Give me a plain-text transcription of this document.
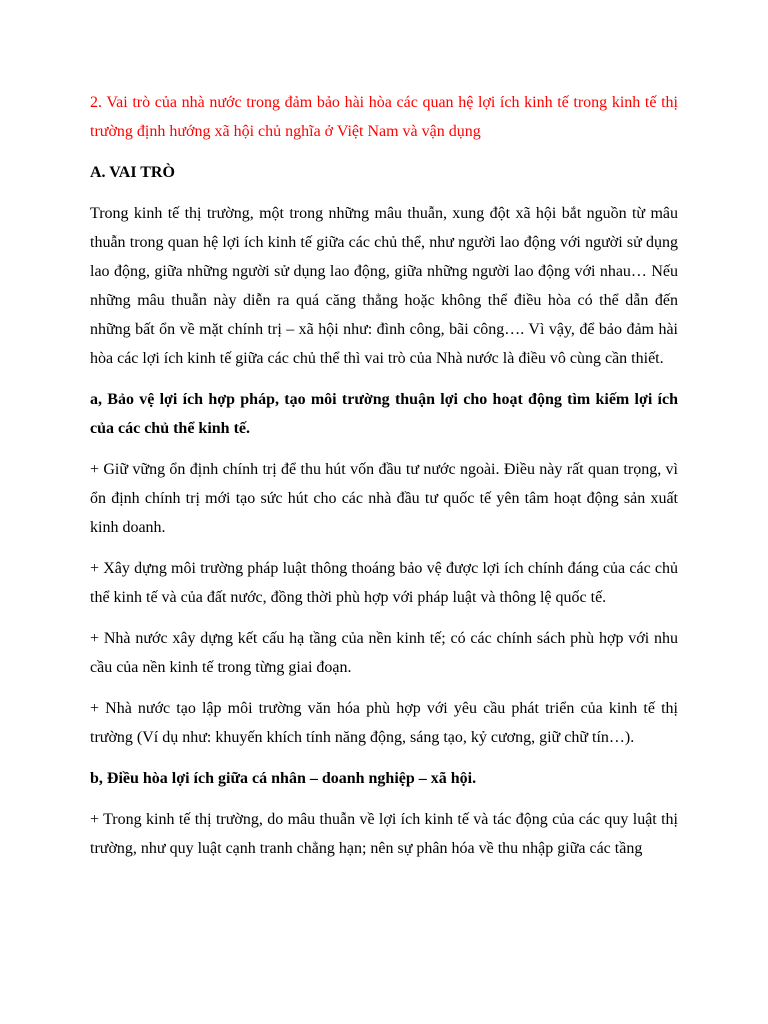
2. Vai trò của nhà nước trong đảm bảo hài hòa các quan hệ lợi ích kinh tế trong kinh tế thị trường định hướng xã hội chủ nghĩa ở Việt Nam và vận dụng

A. VAI TRÒ

Trong kinh tế thị trường, một trong những mâu thuẫn, xung đột xã hội bắt nguồn từ mâu thuẫn trong quan hệ lợi ích kinh tế giữa các chủ thể, như người lao động với người sử dụng lao động, giữa những người sử dụng lao động, giữa những người lao động với nhau… Nếu những mâu thuẫn này diễn ra quá căng thẳng hoặc không thể điều hòa có thể dẫn đến những bất ổn về mặt chính trị – xã hội như: đình công, bãi công…. Vì vậy, để bảo đảm hài hòa các lợi ích kinh tế giữa các chủ thể thì vai trò của Nhà nước là điều vô cùng cần thiết.

a, Bảo vệ lợi ích hợp pháp, tạo môi trường thuận lợi cho hoạt động tìm kiếm lợi ích của các chủ thể kinh tế.

+ Giữ vững ổn định chính trị để thu hút vốn đầu tư nước ngoài. Điều này rất quan trọng, vì ổn định chính trị mới tạo sức hút cho các nhà đầu tư quốc tế yên tâm hoạt động sản xuất kinh doanh.

+ Xây dựng môi trường pháp luật thông thoáng bảo vệ được lợi ích chính đáng của các chủ thể kinh tế và của đất nước, đồng thời phù hợp với pháp luật và thông lệ quốc tế.

+ Nhà nước xây dựng kết cấu hạ tầng của nền kinh tế; có các chính sách phù hợp với nhu cầu của nền kinh tế trong từng giai đoạn.

+ Nhà nước tạo lập môi trường văn hóa phù hợp với yêu cầu phát triển của kinh tế thị trường (Ví dụ như: khuyến khích tính năng động, sáng tạo, kỷ cương, giữ chữ tín…).

b, Điều hòa lợi ích giữa cá nhân – doanh nghiệp – xã hội.

+ Trong kinh tế thị trường, do mâu thuẫn về lợi ích kinh tế và tác động của các quy luật thị trường, như quy luật cạnh tranh chẳng hạn; nên sự phân hóa về thu nhập giữa các tầng
